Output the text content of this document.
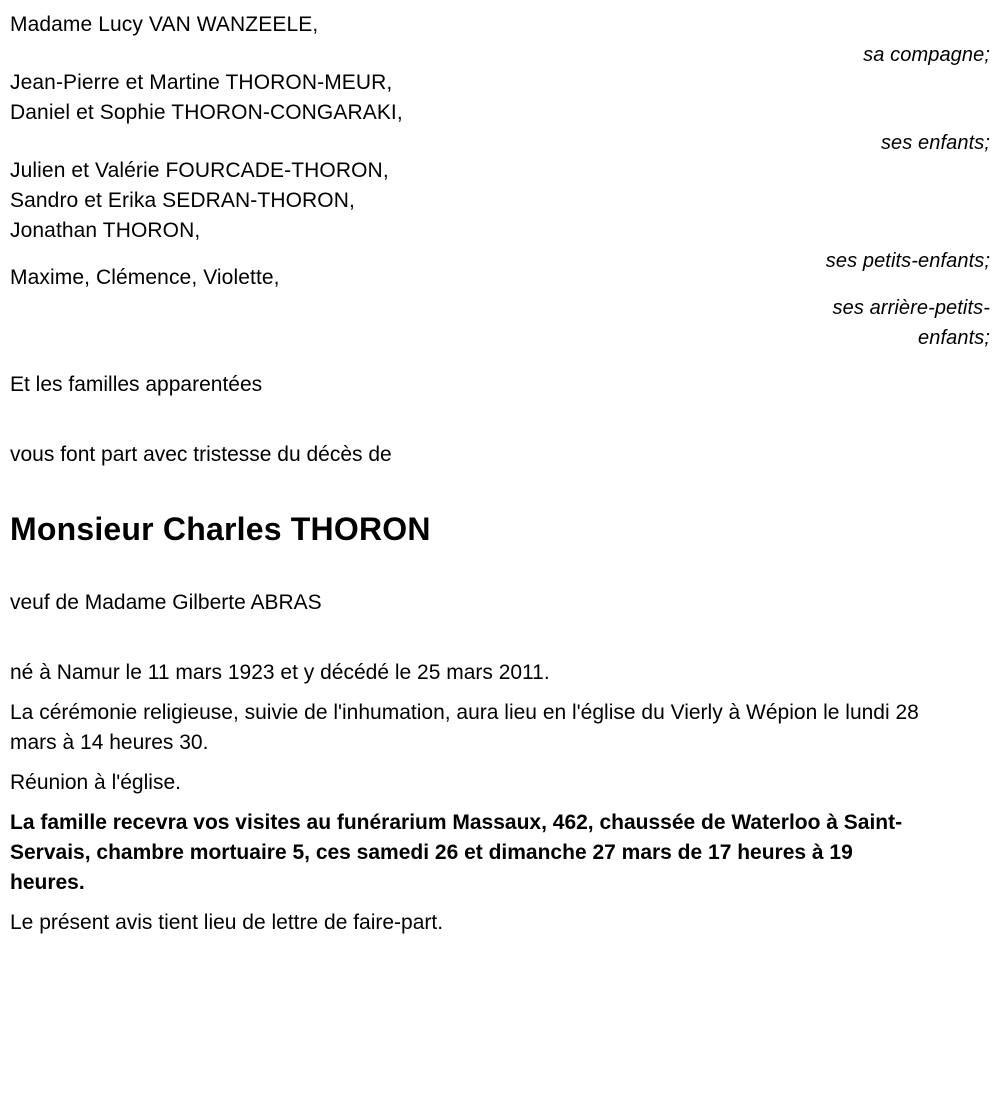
Madame Lucy VAN WANZEELE,
sa compagne;
Jean-Pierre et Martine THORON-MEUR,
Daniel et Sophie THORON-CONGARAKI,
ses enfants;
Julien et Valérie FOURCADE-THORON,
Sandro et Erika SEDRAN-THORON,
Jonathan THORON,
ses petits-enfants;
Maxime, Clémence, Violette,
ses arrière-petits-enfants;
Et les familles apparentées
vous font part avec tristesse du décès de
Monsieur Charles THORON
veuf de Madame Gilberte ABRAS
né à Namur le 11 mars 1923 et y décédé le 25 mars 2011.
La cérémonie religieuse, suivie de l'inhumation, aura lieu en l'église du Vierly à Wépion le lundi 28 mars à 14 heures 30.
Réunion à l'église.
La famille recevra vos visites au funérarium Massaux, 462, chaussée de Waterloo à Saint-Servais, chambre mortuaire 5, ces samedi 26 et dimanche 27 mars de 17 heures à 19 heures.
Le présent avis tient lieu de lettre de faire-part.
